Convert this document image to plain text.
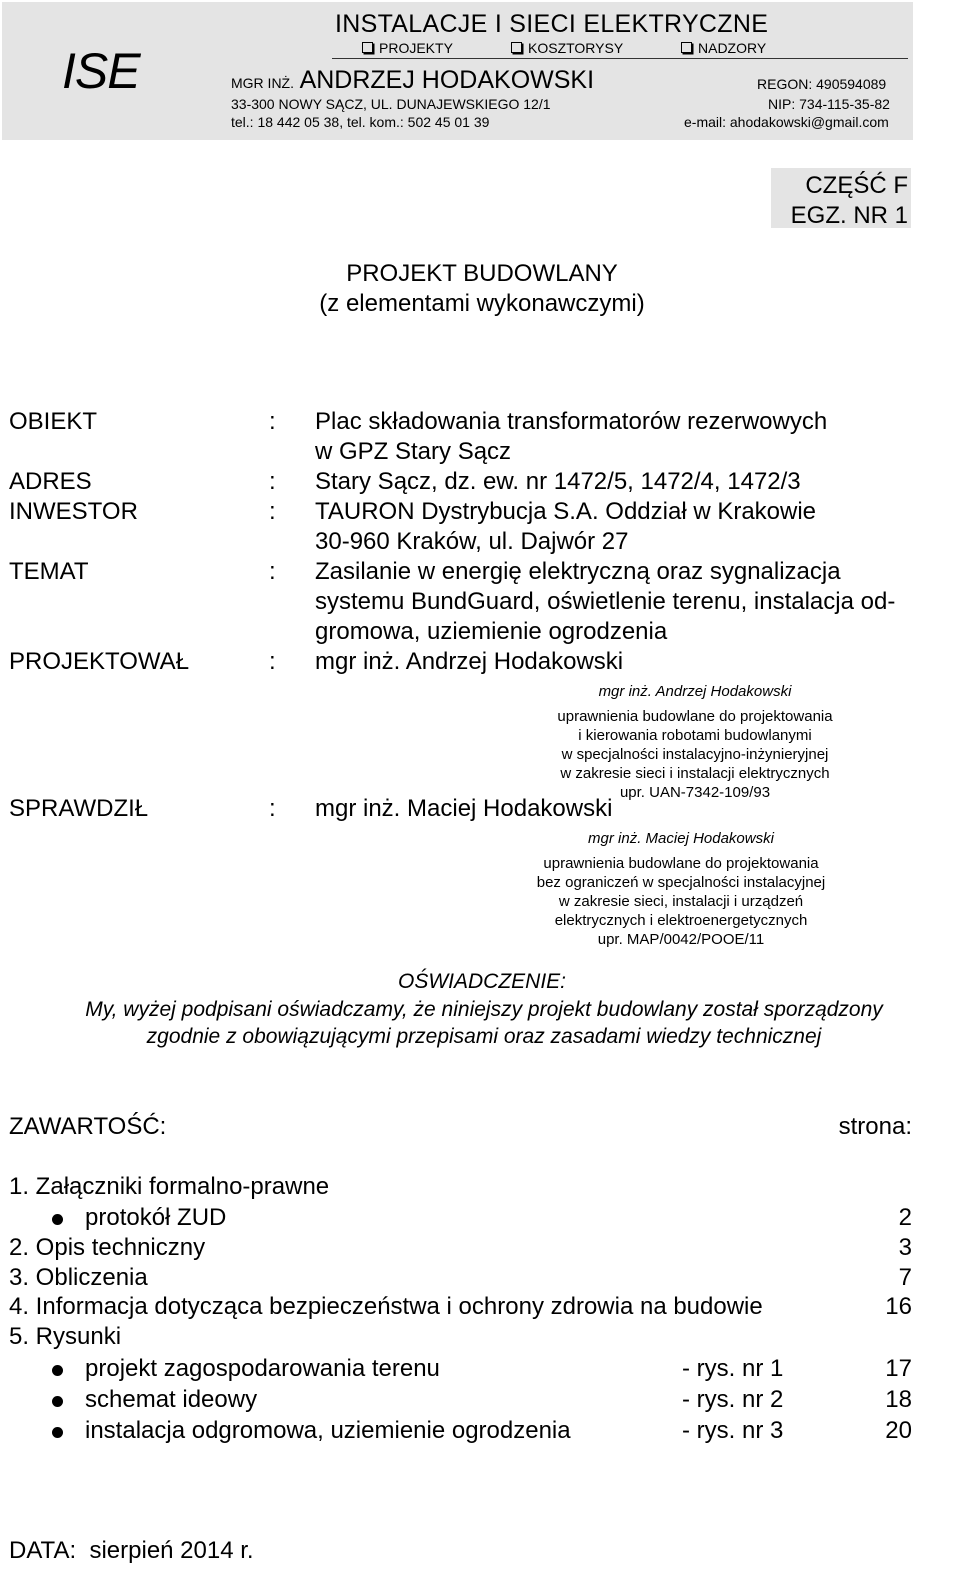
ISE
INSTALACJE I SIECI ELEKTRYCZNE
PROJEKTY	KOSZTORYSY	NADZORY
MGR INŻ. ANDRZEJ HODAKOWSKI	REGON: 490594089
33-300 NOWY SĄCZ, UL. DUNAJEWSKIEGO 12/1	NIP: 734-115-35-82
tel.: 18 442 05 38, tel. kom.: 502 45 01 39	e-mail: ahodakowski@gmail.com
CZĘŚĆ F
EGZ. NR 1
PROJEKT BUDOWLANY
(z elementami wykonawczymi)
OBIEKT	: Plac składowania transformatorów rezerwowych
w GPZ Stary Sącz
ADRES	: Stary Sącz, dz. ew. nr 1472/5, 1472/4, 1472/3
INWESTOR	: TAURON Dystrybucja S.A. Oddział w Krakowie
30-960 Kraków, ul. Dajwór 27
TEMAT	: Zasilanie w energię elektryczną oraz sygnalizacja
systemu BundGuard, oświetlenie terenu, instalacja od-
gromowa, uziemienie ogrodzenia
PROJEKTOWAŁ	: mgr inż. Andrzej Hodakowski
mgr inż. Andrzej Hodakowski
uprawnienia budowlane do projektowania
i kierowania robotami budowlanymi
w specjalności instalacyjno-inżynieryjnej
w zakresie sieci i instalacji elektrycznych
upr. UAN-7342-109/93
SPRAWDZIŁ	: mgr inż. Maciej Hodakowski
mgr inż. Maciej Hodakowski
uprawnienia budowlane do projektowania
bez ograniczeń w specjalności instalacyjnej
w zakresie sieci, instalacji i urządzeń
elektrycznych i elektroenergetycznych
upr. MAP/0042/POOE/11
OŚWIADCZENIE:
My, wyżej podpisani oświadczamy, że niniejszy projekt budowlany został sporządzony
zgodnie z obowiązującymi przepisami oraz zasadami wiedzy technicznej
ZAWARTOŚĆ:	strona:
1. Załączniki formalno-prawne
protokół ZUD	2
2. Opis techniczny	3
3. Obliczenia	7
4. Informacja dotycząca bezpieczeństwa i ochrony zdrowia na budowie	16
5. Rysunki
projekt zagospodarowania terenu	- rys. nr 1	17
schemat ideowy	- rys. nr 2	18
instalacja odgromowa, uziemienie ogrodzenia	- rys. nr 3	20
DATA: sierpień 2014 r.
